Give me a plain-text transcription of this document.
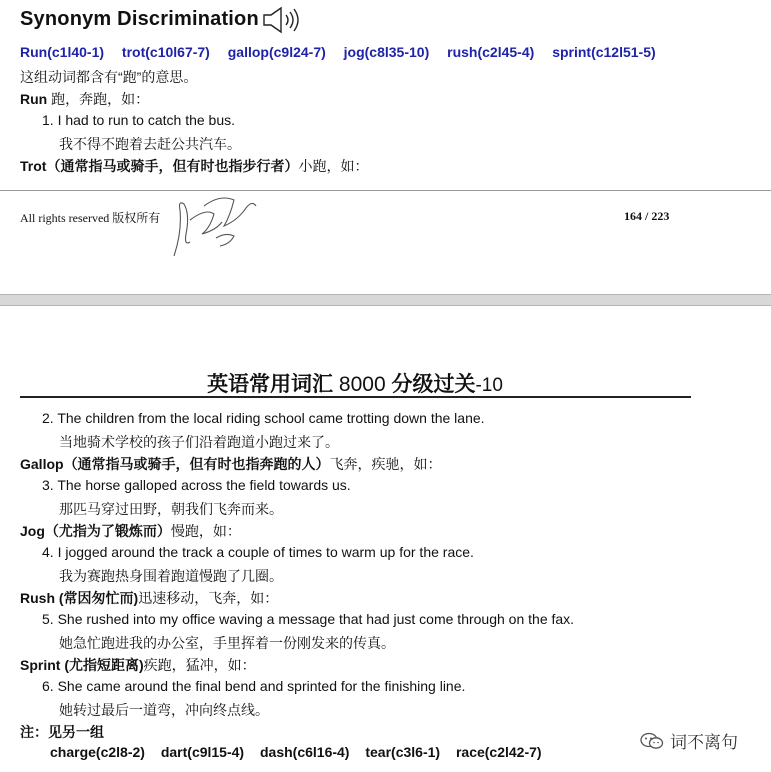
Synonym Discrimination
Run(c1l40-1) trot(c10l67-7) gallop(c9l24-7) jog(c8l35-10) rush(c2l45-4) sprint(c12l51-5)
这组动词都含有“跑”的意思。
Run 跑，奔跑，如：
1. I had to run to catch the bus.
我不得不跑着去赶公共汽车。
Trot（通常指马或骑手，但有时也指步行者）小跑，如：
All rights reserved 版权所有	164 / 223
英语常用词汇 8000 分级过关-10
2. The children from the local riding school came trotting down the lane.
当地骑术学校的孩子们沿着跑道小跑过来了。
Gallop（通常指马或骑手，但有时也指奔跑的人）飞奔，疾驰，如：
3. The horse galloped across the field towards us.
那匹马穿过田野，朝我们飞奔而来。
Jog（尤指为了锻炼而）慢跑，如：
4. I jogged around the track a couple of times to warm up for the race.
我为赛跑热身围着跑道慢跑了几圈。
Rush (常因匆忙而)迅速移动，飞奔，如：
5. She rushed into my office waving a message that had just come through on the fax.
她急忙跑进我的办公室，手里挥着一份刚发来的传真。
Sprint (尤指短距离)疾跑，猛冲，如：
6. She came around the final bend and sprinted for the finishing line.
她转过最后一道弯，冲向终点线。
注：见另一组
charge(c2l8-2) dart(c9l15-4) dash(c6l16-4) tear(c3l6-1) race(c2l42-7)	词不离句
